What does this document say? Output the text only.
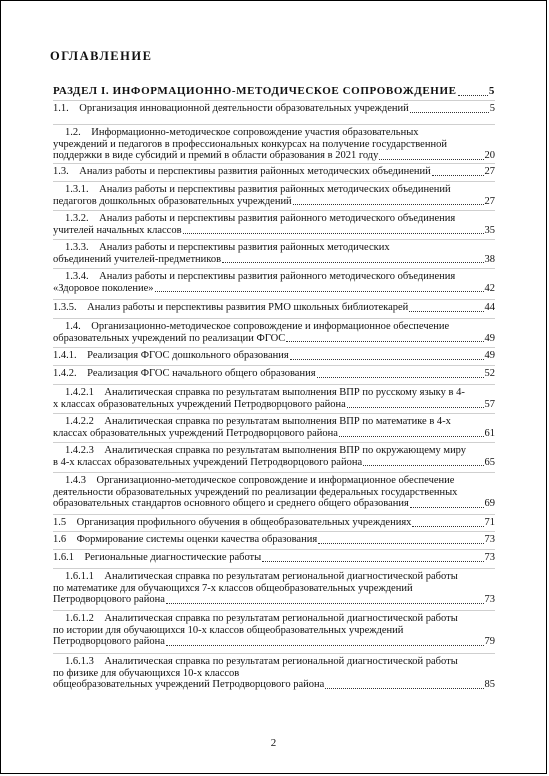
ОГЛАВЛЕНИЕ
РАЗДЕЛ I. ИНФОРМАЦИОННО-МЕТОДИЧЕСКОЕ СОПРОВОЖДЕНИЕ	5
1.1.    Организация инновационной деятельности образовательных учреждений	5
1.2.    Информационно-методическое сопровождение участия образовательных
учреждений и педагогов в профессиональных конкурсах на получение государственной
поддержки в виде субсидий и премий в области образования в 2021 году	20
1.3.    Анализ работы и перспективы развития районных методических объединений	27
1.3.1.    Анализ работы и перспективы развития районных методических объединений
педагогов дошкольных образовательных учреждений	27
1.3.2.    Анализ работы и перспективы развития районного методического объединения
учителей начальных классов	35
1.3.3.    Анализ работы и перспективы развития районных методических
объединений учителей-предметников	38
1.3.4.    Анализ работы и перспективы развития районного методического объединения
«Здоровое поколение»	42
1.3.5.    Анализ работы и перспективы развития РМО школьных библиотекарей	44
1.4.    Организационно-методическое сопровождение и информационное обеспечение
образовательных учреждений по реализации ФГОС	49
1.4.1.    Реализация ФГОС дошкольного образования	49
1.4.2.    Реализация ФГОС начального общего образования	52
1.4.2.1    Аналитическая справка по результатам выполнения ВПР по русскому языку в 4-
х классах образовательных учреждений Петродворцового района	57
1.4.2.2    Аналитическая справка по результатам выполнения ВПР по математике в 4-х
классах образовательных учреждений Петродворцового района	61
1.4.2.3    Аналитическая справка по результатам выполнения ВПР по окружающему миру
в 4-х классах образовательных учреждений Петродворцового района	65
1.4.3    Организационно-методическое сопровождение и информационное обеспечение
деятельности образовательных учреждений по реализации федеральных государственных
образовательных стандартов основного общего и среднего общего образования	69
1.5    Организация профильного обучения в общеобразовательных учреждениях	71
1.6    Формирование системы оценки качества образования	73
1.6.1    Региональные диагностические работы	73
1.6.1.1    Аналитическая справка по результатам региональной диагностической работы
по математике для обучающихся 7-х классов общеобразовательных учреждений
Петродворцового района	73
1.6.1.2    Аналитическая справка по результатам региональной диагностической работы
по истории для обучающихся 10-х классов общеобразовательных учреждений
Петродворцового района	79
1.6.1.3    Аналитическая справка по результатам региональной диагностической работы
по физике для обучающихся 10-х классов
общеобразовательных учреждений Петродворцового района	85
2
